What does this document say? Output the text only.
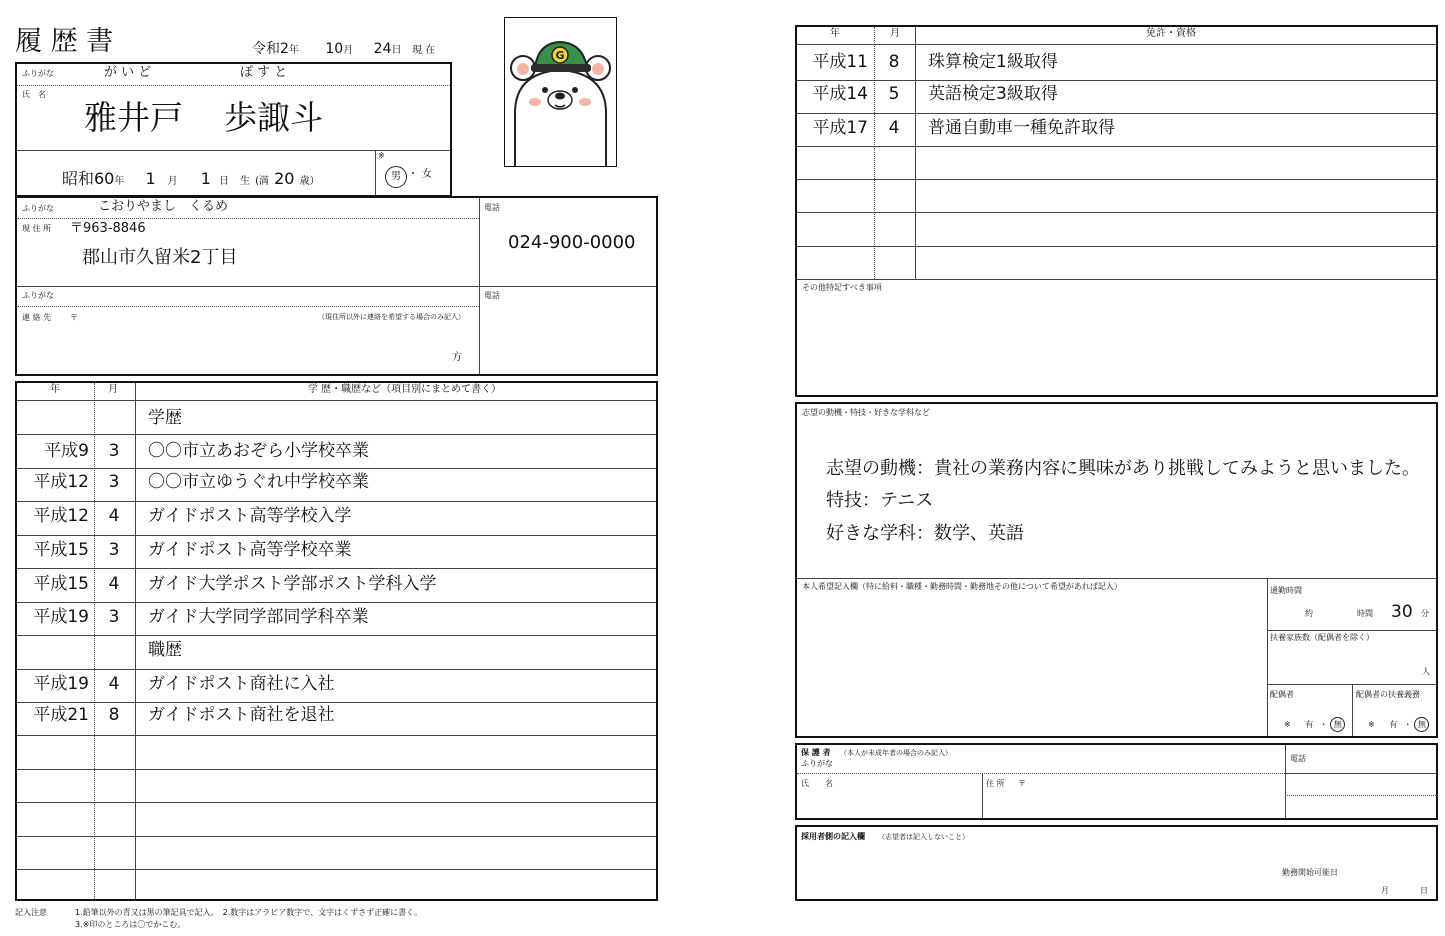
履 歴 書	令和2年 10月 24日 現 在	G
ふりがな	が い ど	ぽ す と
氏　名
雅井戸 歩諏斗
昭和60年 1 月 1 日 生 (満 20 歳）
※
男 ・ 女
ふりがな	こおりやまし　くるめ
現 住 所 〒963-8846
郡山市久留米2丁目
電話
024-900-0000
ふりがな
連 絡 先 〒	（現住所以外に連絡を希望する場合のみ記入）
方
電話
年	月	学 歴・職歴など（項目別にまとめて書く）
学歴
平成9	3	〇〇市立あおぞら小学校卒業
平成12	3	〇〇市立ゆうぐれ中学校卒業
平成12	4	ガイドポスト高等学校入学
平成15	3	ガイドポスト高等学校卒業
平成15	4	ガイド大学ポスト学部ポスト学科入学
平成19	3	ガイド大学同学部同学科卒業
職歴
平成19	4	ガイドポスト商社に入社
平成21	8	ガイドポスト商社を退社
記入注意	1.鉛筆以外の青又は黒の筆記具で記入。　2.数字はアラビア数字で、文字はくずさず正確に書く。
3.※印のところは〇でかこむ。
年	月	免許・資格
平成11	8	珠算検定1級取得
平成14	5	英語検定3級取得
平成17	4	普通自動車一種免許取得
その他特記すべき事項
志望の動機・特技・好きな学科など
志望の動機：貴社の業務内容に興味があり挑戦してみようと思いました。
特技：テニス
好きな学科：数学、英語
本人希望記入欄（特に給料・職種・勤務時間・勤務地その他について希望があれば記入）	通勤時間
約	時間 30 分
扶養家族数（配偶者を除く）
人
配偶者
※ 有 ・ 無
配偶者の扶養義務
※ 有 ・ 無
保 護 者 （本人が未成年者の場合のみ記入）
ふりがな
電話
氏　　名	住 所 〒
採用者側の記入欄 （志望者は記入しないこと）
勤務開始可能日
月	日
